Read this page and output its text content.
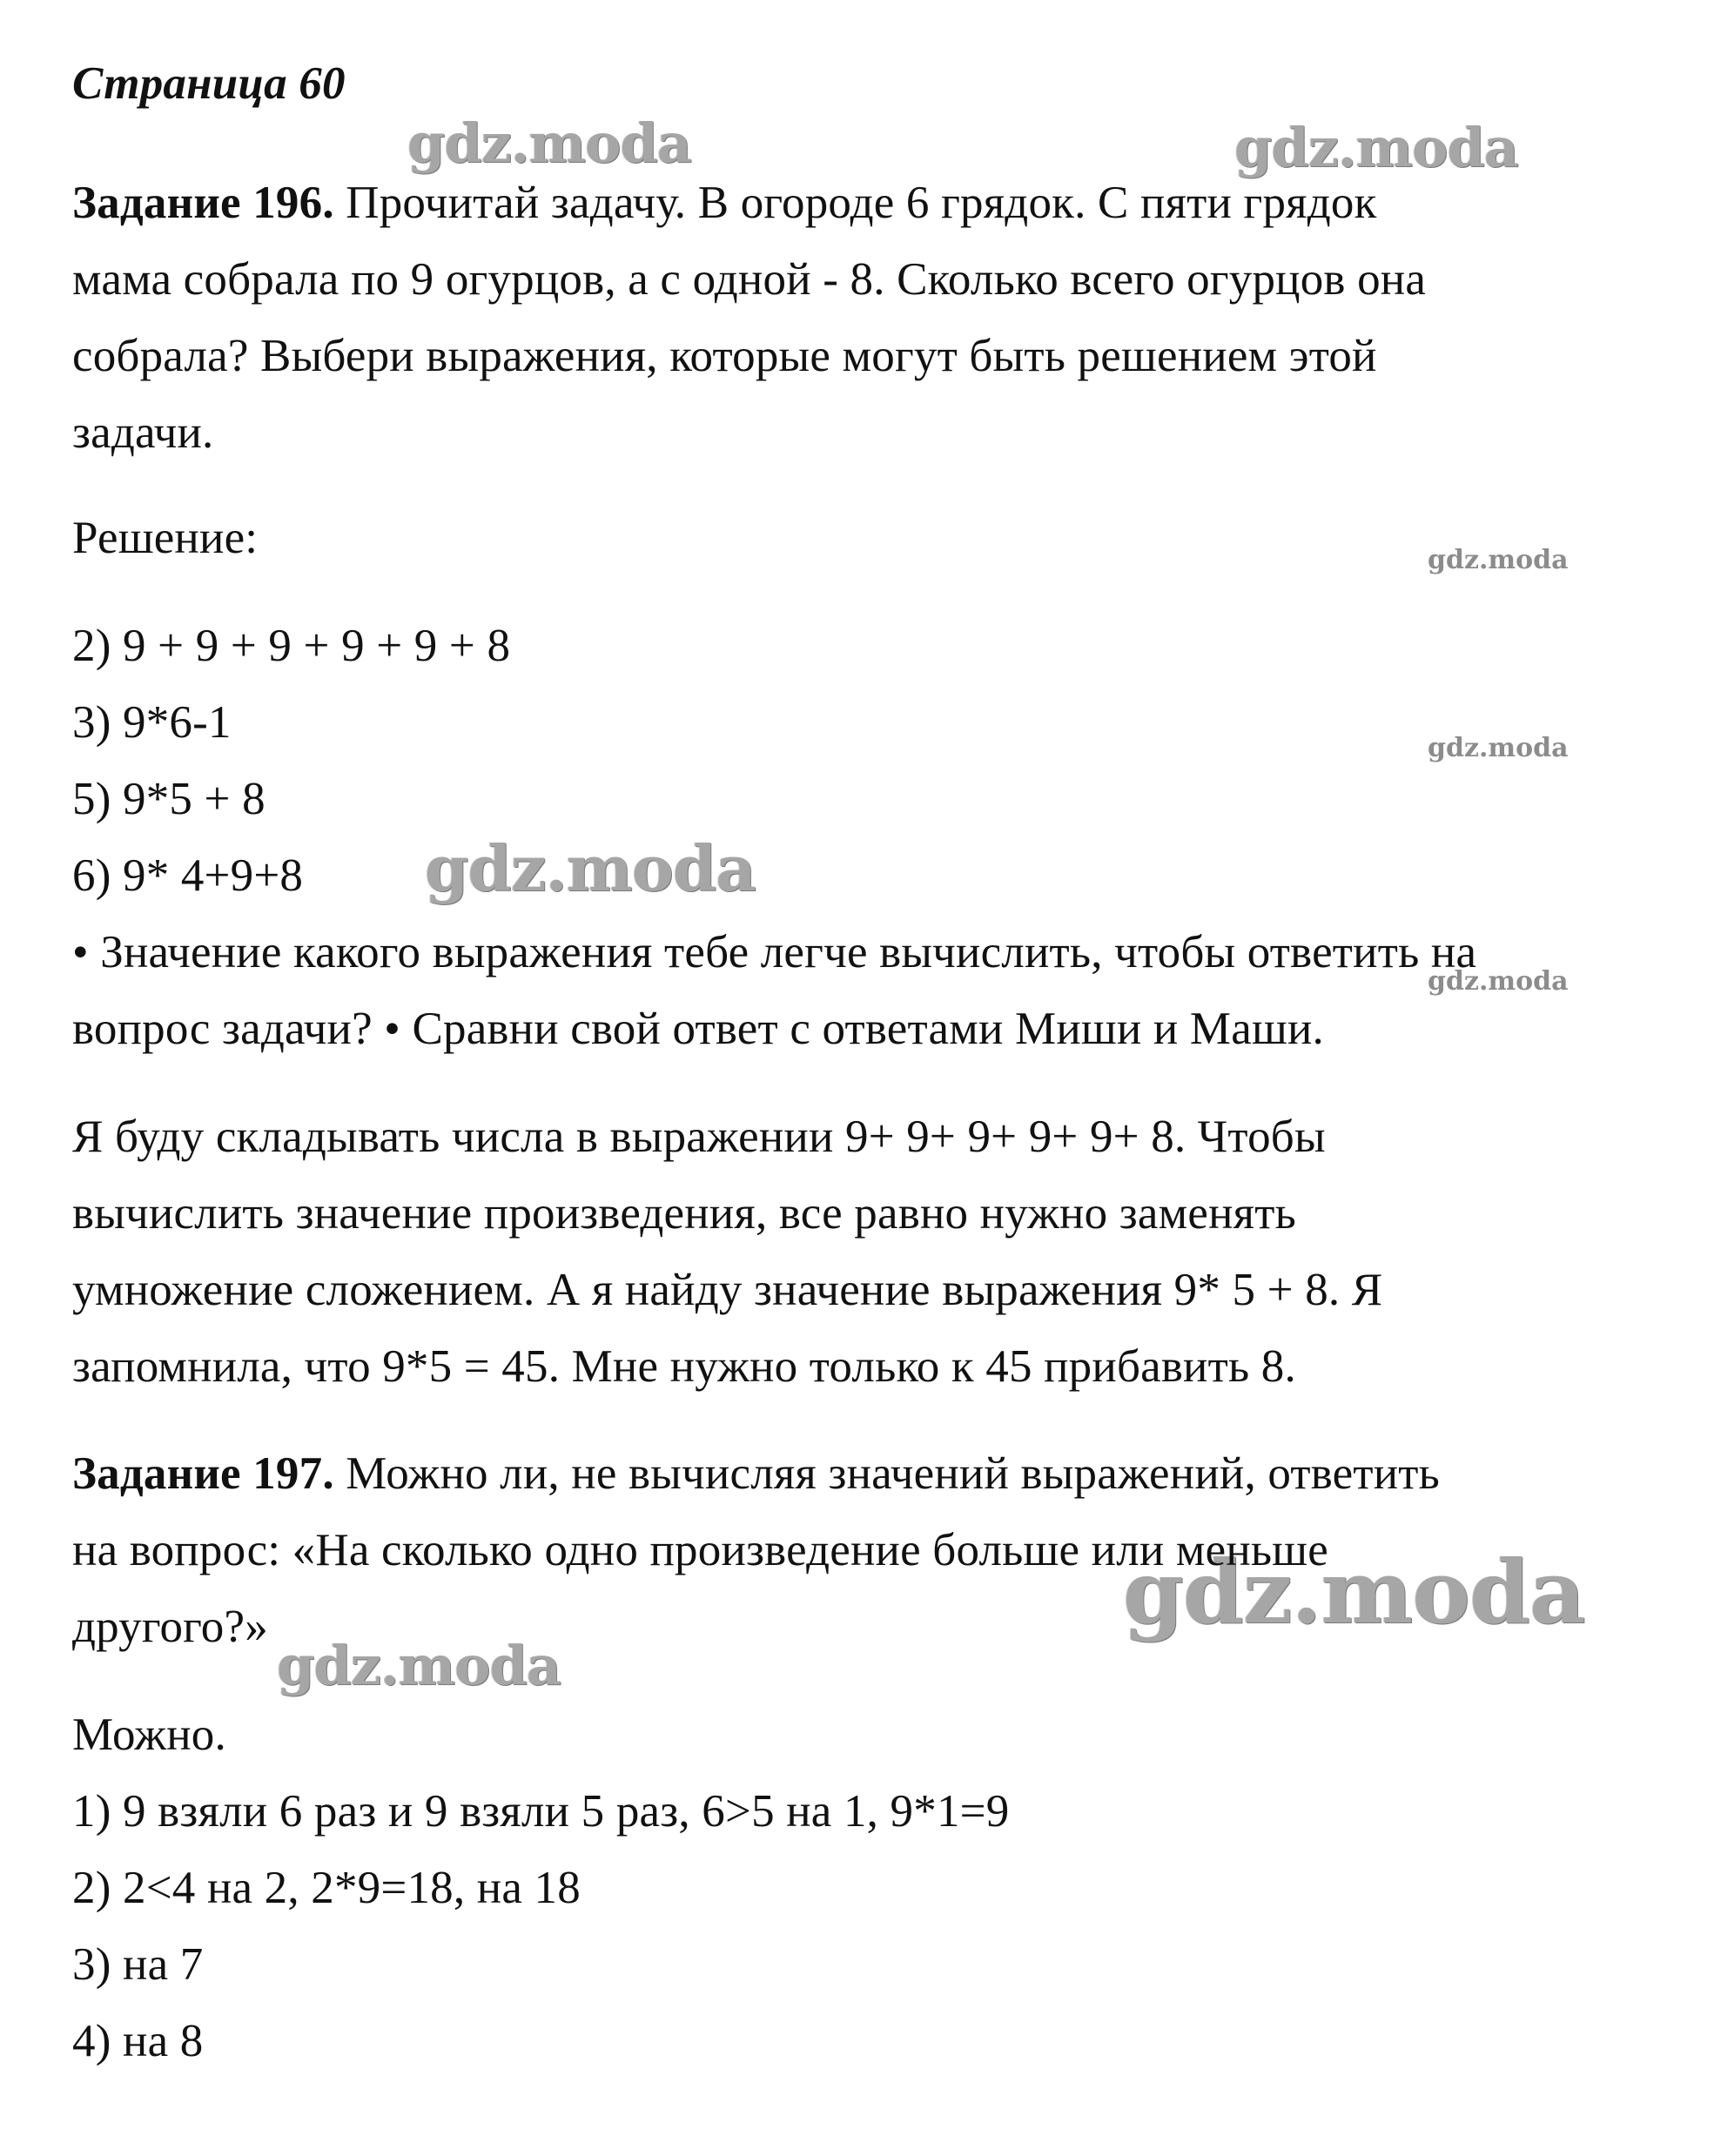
gdz.moda	gdz.moda
gdz.moda
gdz.moda
gdz.moda
gdz.moda
gdz.moda
gdz.moda
Страница 60
Задание 196. Прочитай задачу. В огороде 6 грядок. С пяти грядок
мама собрала по 9 огурцов, а с одной - 8. Сколько всего огурцов она
собрала? Выбери выражения, которые могут быть решением этой
задачи.
Решение:
2) 9 + 9 + 9 + 9 + 9 + 8
3) 9*6-1
5) 9*5 + 8
6) 9* 4+9+8
• Значение какого выражения тебе легче вычислить, чтобы ответить на
вопрос задачи? • Сравни свой ответ с ответами Миши и Маши.
Я буду складывать числа в выражении 9+ 9+ 9+ 9+ 9+ 8. Чтобы
вычислить значение произведения, все равно нужно заменять
умножение сложением. А я найду значение выражения 9* 5 + 8. Я
запомнила, что 9*5 = 45. Мне нужно только к 45 прибавить 8.
Задание 197. Можно ли, не вычисляя значений выражений, ответить
на вопрос: «На сколько одно произведение больше или меньше
другого?»
Можно.
1) 9 взяли 6 раз и 9 взяли 5 раз, 6>5 на 1, 9*1=9
2) 2<4 на 2, 2*9=18, на 18
3) на 7
4) на 8
